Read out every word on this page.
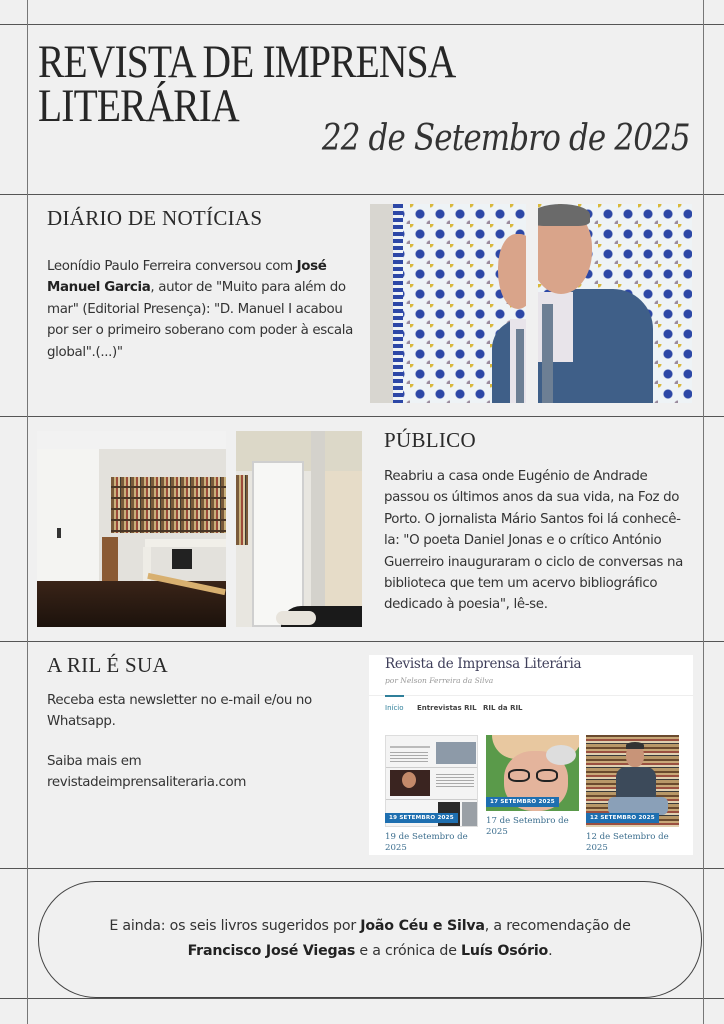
REVISTA DE IMPRENSA
LITERÁRIA
22 de Setembro de 2025
DIÁRIO DE NOTÍCIAS
Leonídio Paulo Ferreira conversou com José Manuel Garcia, autor de "Muito para além do mar" (Editorial Presença): "D. Manuel I acabou por ser o primeiro soberano com poder à escala global".(...)"
PÚBLICO
Reabriu a casa onde Eugénio de Andrade passou os últimos anos da sua vida, na Foz do Porto. O jornalista Mário Santos foi lá conhecê-la: "O poeta Daniel Jonas e o crítico António Guerreiro inauguraram o ciclo de conversas na biblioteca que tem um acervo bibliográfico dedicado à poesia", lê-se.
A RIL É SUA
Receba esta newsletter no e-mail e/ou no Whatsapp.
Saiba mais em
revistadeimprensaliteraria.com
Revista de Imprensa Literária
por Nelson Ferreira da Silva
Início Entrevistas RIL RIL da RIL
19 SETEMBRO 2025
19 de Setembro de 2025
17 SETEMBRO 2025
17 de Setembro de 2025
12 SETEMBRO 2025
12 de Setembro de 2025
E ainda: os seis livros sugeridos por João Céu e Silva, a recomendação de
Francisco José Viegas e a crónica de Luís Osório.
